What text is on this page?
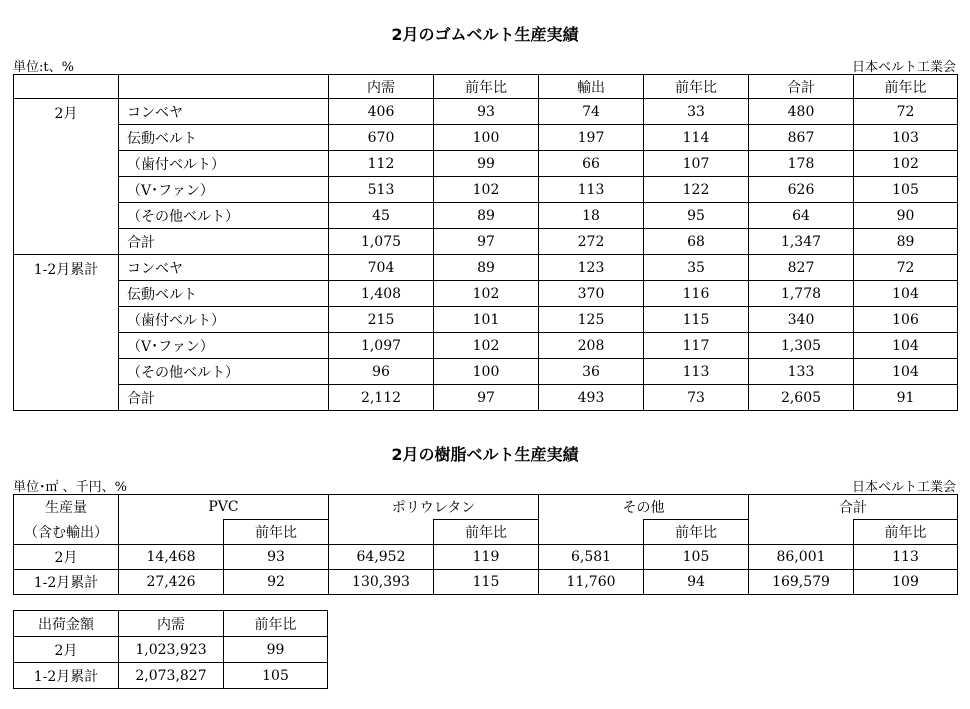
2月のゴムベルト生産実績
単位:t、%	日本ベルト工業会
		内需	前年比	輸出	前年比	合計	前年比
2月	コンベヤ	406	93	74	33	480	72
	伝動ベルト	670	100	197	114	867	103
	（歯付ベルト）	112	99	66	107	178	102
	（V･ファン）	513	102	113	122	626	105
	（その他ベルト）	45	89	18	95	64	90
	合計	1,075	97	272	68	1,347	89
1-2月累計	コンベヤ	704	89	123	35	827	72
	伝動ベルト	1,408	102	370	116	1,778	104
	（歯付ベルト）	215	101	125	115	340	106
	（V･ファン）	1,097	102	208	117	1,305	104
	（その他ベルト）	96	100	36	113	133	104
	合計	2,112	97	493	73	2,605	91
2月の樹脂ベルト生産実績
単位･㎡ 、千円、%	日本ベルト工業会
生産量	PVC		ポリウレタン		その他		合計	
（含む輸出）		前年比		前年比		前年比		前年比
2月	14,468	93	64,952	119	6,581	105	86,001	113
1-2月累計	27,426	92	130,393	115	11,760	94	169,579	109
出荷金額	内需	前年比
2月	1,023,923	99
1-2月累計	2,073,827	105
